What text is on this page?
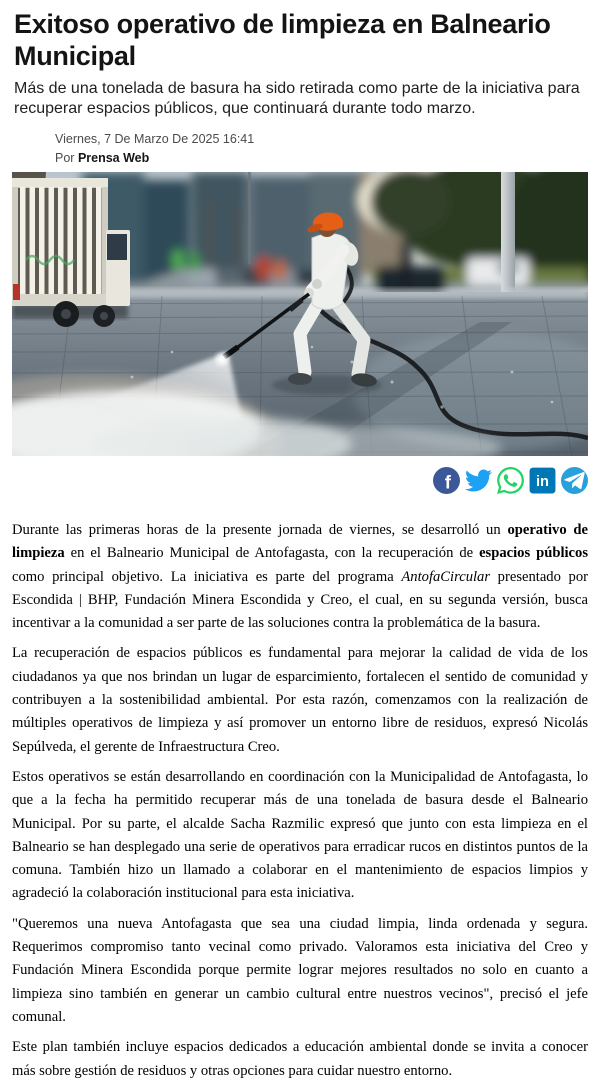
Exitoso operativo de limpieza en Balneario Municipal

Más de una tonelada de basura ha sido retirada como parte de la iniciativa para recuperar espacios públicos, que continuará durante todo marzo.

Viernes, 7 De Marzo De 2025 16:41
Por Prensa Web
f	in

Durante las primeras horas de la presente jornada de viernes, se desarrolló un operativo de limpieza en el Balneario Municipal de Antofagasta, con la recuperación de espacios públicos como principal objetivo. La iniciativa es parte del programa AntofaCircular presentado por Escondida | BHP, Fundación Minera Escondida y Creo, el cual, en su segunda versión, busca incentivar a la comunidad a ser parte de las soluciones contra la problemática de la basura.

La recuperación de espacios públicos es fundamental para mejorar la calidad de vida de los ciudadanos ya que nos brindan un lugar de esparcimiento, fortalecen el sentido de comunidad y contribuyen a la sostenibilidad ambiental. Por esta razón, comenzamos con la realización de múltiples operativos de limpieza y así promover un entorno libre de residuos, expresó Nicolás Sepúlveda, el gerente de Infraestructura Creo.

Estos operativos se están desarrollando en coordinación con la Municipalidad de Antofagasta, lo que a la fecha ha permitido recuperar más de una tonelada de basura desde el Balneario Municipal. Por su parte, el alcalde Sacha Razmilic expresó que junto con esta limpieza en el Balneario se han desplegado una serie de operativos para erradicar rucos en distintos puntos de la comuna. También hizo un llamado a colaborar en el mantenimiento de espacios limpios y agradeció la colaboración institucional para esta iniciativa.

"Queremos una nueva Antofagasta que sea una ciudad limpia, linda ordenada y segura. Requerimos compromiso tanto vecinal como privado. Valoramos esta iniciativa del Creo y Fundación Minera Escondida porque permite lograr mejores resultados no solo en cuanto a limpieza sino también en generar un cambio cultural entre nuestros vecinos", precisó el jefe comunal.

Este plan también incluye espacios dedicados a educación ambiental donde se invita a conocer más sobre gestión de residuos y otras opciones para cuidar nuestro entorno.
